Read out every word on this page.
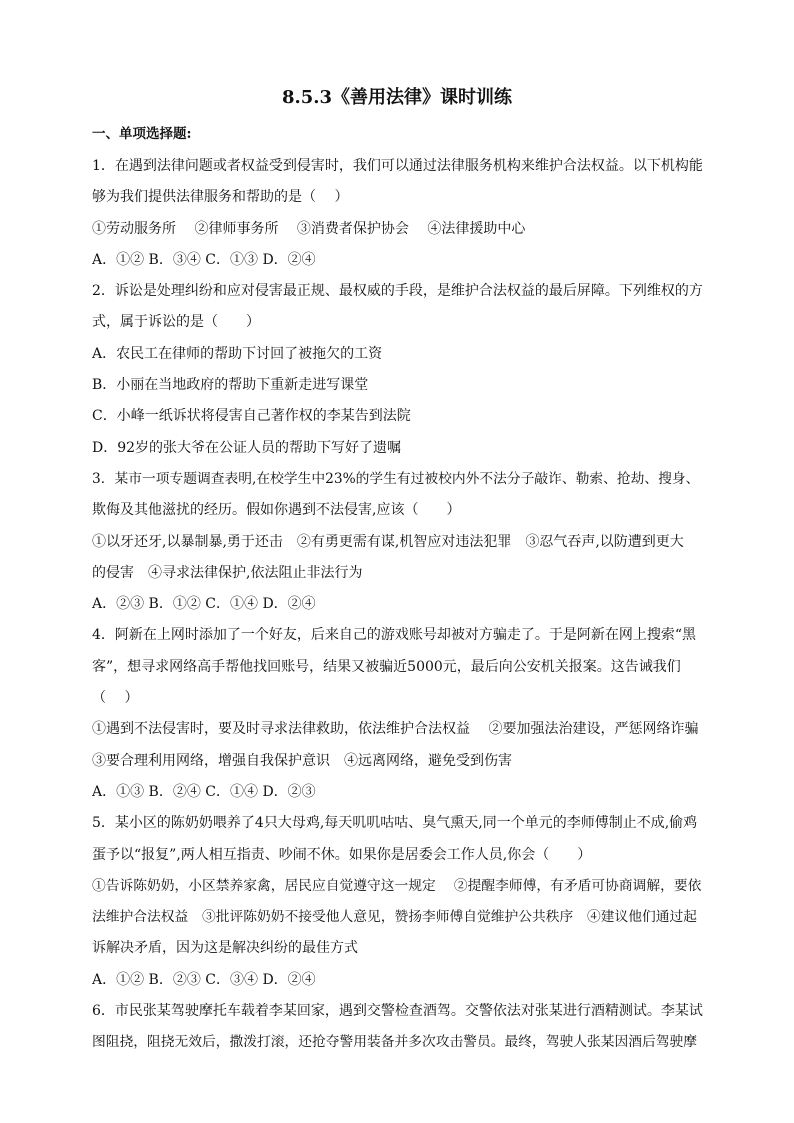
8.5.3《善用法律》课时训练
一、单项选择题:
1．在遇到法律问题或者权益受到侵害时，我们可以通过法律服务机构来维护合法权益。以下机构能
够为我们提供法律服务和帮助的是（　 ）
①劳动服务所　 ②律师事务所　 ③消费者保护协会　 ④法律援助中心
A．①② B．③④ C．①③ D．②④
2．诉讼是处理纠纷和应对侵害最正规、最权威的手段，是维护合法权益的最后屏障。下列维权的方
式，属于诉讼的是（　　）
A．农民工在律师的帮助下讨回了被拖欠的工资
B．小丽在当地政府的帮助下重新走进写课堂
C．小峰一纸诉状将侵害自己著作权的李某告到法院
D．92岁的张大爷在公证人员的帮助下写好了遗嘱
3．某市一项专题调查表明,在校学生中23%的学生有过被校内外不法分子敲诈、勒索、抢劫、搜身、
欺侮及其他滋扰的经历。假如你遇到不法侵害,应该（　　）
①以牙还牙,以暴制暴,勇于还击　②有勇更需有谋,机智应对违法犯罪　③忍气吞声,以防遭到更大
的侵害　④寻求法律保护,依法阻止非法行为
A．②③ B．①② C．①④ D．②④
4．阿新在上网时添加了一个好友，后来自己的游戏账号却被对方骗走了。于是阿新在网上搜索“黑
客”，想寻求网络高手帮他找回账号，结果又被骗近5000元，最后向公安机关报案。这告诫我们
（　 ）
①遇到不法侵害时，要及时寻求法律救助，依法维护合法权益　 ②要加强法治建设，严惩网络诈骗
③要合理利用网络，增强自我保护意识　④远离网络，避免受到伤害
A．①③ B．②④ C．①④ D．②③
5．某小区的陈奶奶喂养了4只大母鸡,每天叽叽咕咕、臭气熏天,同一个单元的李师傅制止不成,偷鸡
蛋予以“报复”,两人相互指责、吵闹不休。如果你是居委会工作人员,你会（　　）
①告诉陈奶奶，小区禁养家禽，居民应自觉遵守这一规定　 ②提醒李师傅，有矛盾可协商调解，要依
法维护合法权益　③批评陈奶奶不接受他人意见，赞扬李师傅自觉维护公共秩序　④建议他们通过起
诉解决矛盾，因为这是解决纠纷的最佳方式
A．①② B．②③ C．③④ D．②④
6．市民张某驾驶摩托车载着李某回家，遇到交警检查酒驾。交警依法对张某进行酒精测试。李某试
图阻挠，阻挠无效后，撒泼打滚，还抢夺警用装备并多次攻击警员。最终，驾驶人张某因酒后驾驶摩
